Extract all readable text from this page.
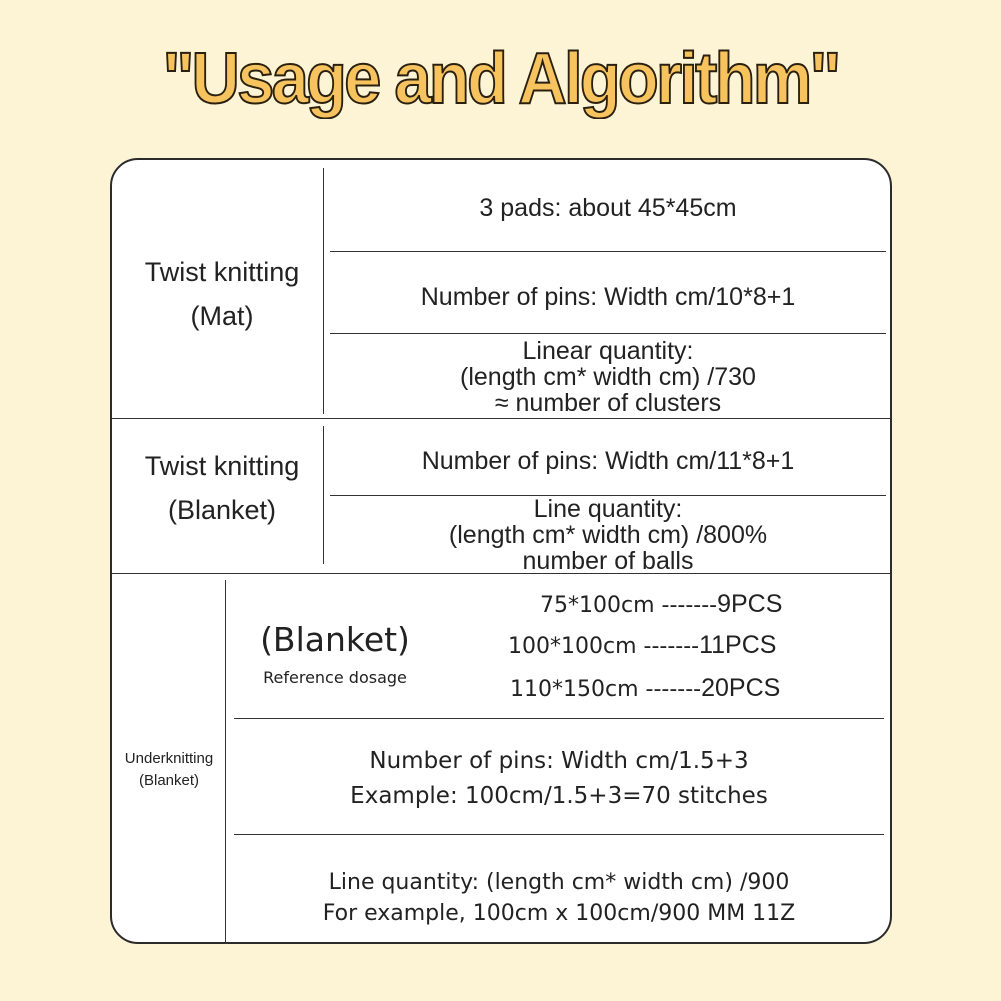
"Usage and Algorithm"
Twist knitting
(Mat)
3 pads: about 45*45cm
Number of pins: Width cm/10*8+1
Linear quantity:
(length cm* width cm) /730
≈ number of clusters
Twist knitting
(Blanket)
Number of pins: Width cm/11*8+1
Line quantity:
(length cm* width cm) /800%
number of balls
Underknitting
(Blanket)
(Blanket)
Reference dosage
75*100cm -------9PCS
100*100cm -------11PCS
110*150cm -------20PCS
Number of pins: Width cm/1.5+3
Example: 100cm/1.5+3=70 stitches
Line quantity: (length cm* width cm) /900
For example, 100cm x 100cm/900 MM 11Z
